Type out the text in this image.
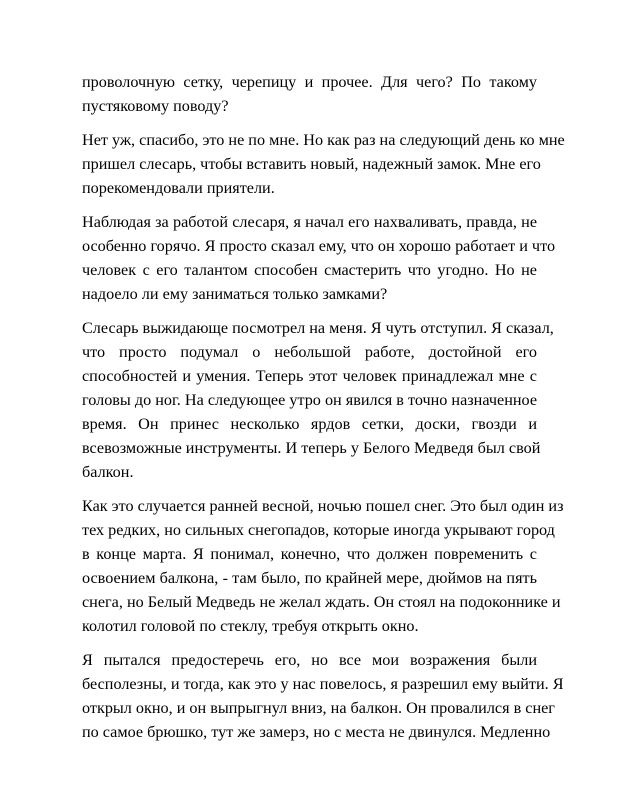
проволочную сетку, черепицу и прочее. Для чего? По такому
пустяковому поводу?
Нет уж, спасибо, это не по мне. Но как раз на следующий день ко мне
пришел слесарь, чтобы вставить новый, надежный замок. Мне его
порекомендовали приятели.
Наблюдая за работой слесаря, я начал его нахваливать, правда, не
особенно горячо. Я просто сказал ему, что он хорошо работает и что
человек с его талантом способен смастерить что угодно. Но не
надоело ли ему заниматься только замками?
Слесарь выжидающе посмотрел на меня. Я чуть отступил. Я сказал,
что просто подумал о небольшой работе, достойной его
способностей и умения. Теперь этот человек принадлежал мне с
головы до ног. На следующее утро он явился в точно назначенное
время. Он принес несколько ярдов сетки, доски, гвозди и
всевозможные инструменты. И теперь у Белого Медведя был свой
балкон.
Как это случается ранней весной, ночью пошел снег. Это был один из
тех редких, но сильных снегопадов, которые иногда укрывают город
в конце марта. Я понимал, конечно, что должен повременить с
освоением балкона, - там было, по крайней мере, дюймов на пять
снега, но Белый Медведь не желал ждать. Он стоял на подоконнике и
колотил головой по стеклу, требуя открыть окно.
Я пытался предостеречь его, но все мои возражения были
бесполезны, и тогда, как это у нас повелось, я разрешил ему выйти. Я
открыл окно, и он выпрыгнул вниз, на балкон. Он провалился в снег
по самое брюшко, тут же замерз, но с места не двинулся. Медленно
